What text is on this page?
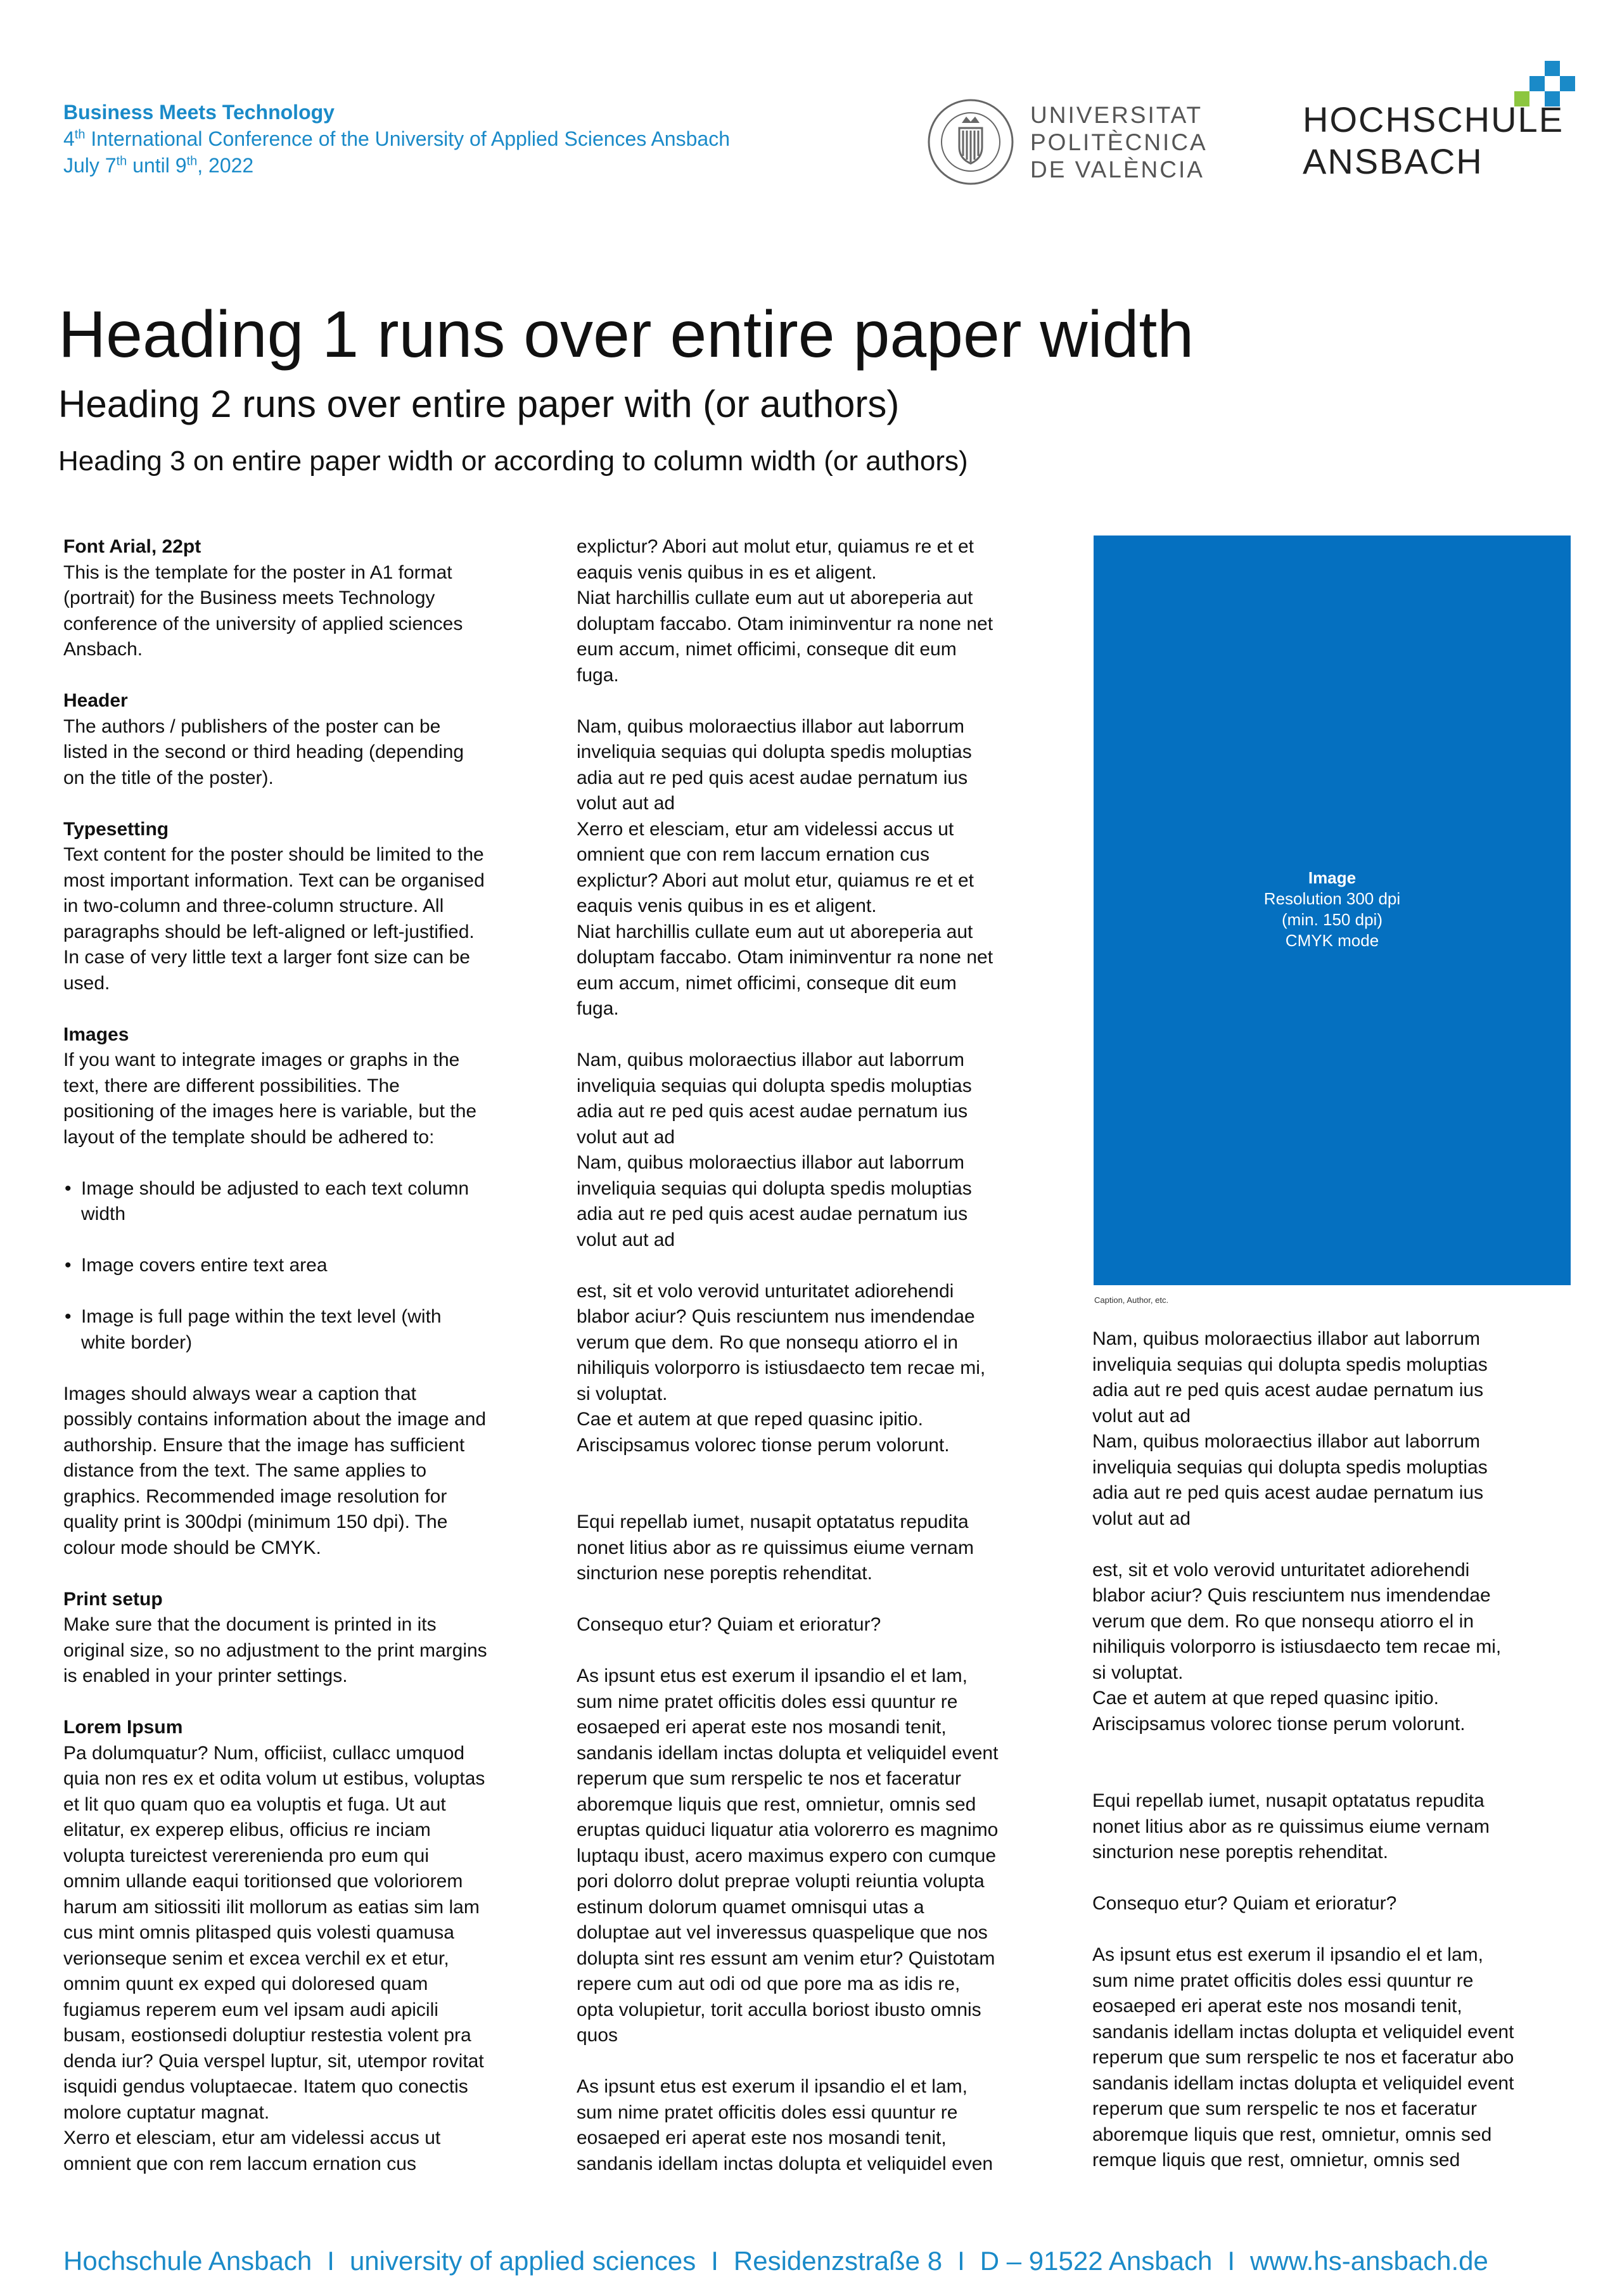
Business Meets Technology
4th International Conference of the University of Applied Sciences Ansbach
July 7th until 9th, 2022
UNIVERSITAT
POLITÈCNICA
DE VALÈNCIA
HOCHSCHULE
ANSBACH
Heading 1 runs over entire paper width
Heading 2 runs over entire paper with (or authors)
Heading 3 on entire paper width or according to column width (or authors)

Font Arial, 22pt

This is the template for the poster in A1 format
(portrait) for the Business meets Technology
conference of the university of applied sciences
Ansbach.

Header

The authors / publishers of the poster can be
listed in the second or third heading (depending
on the title of the poster).

Typesetting

Text content for the poster should be limited to the
most important information. Text can be organised
in two-column and three-column structure. All
paragraphs should be left-aligned or left-justified.
In case of very little text a larger font size can be
used.

Images

If you want to integrate images or graphs in the
text, there are different possibilities. The
positioning of the images here is variable, but the
layout of the template should be adhered to:

• Image should be adjusted to each text column
width
• Image covers entire text area
• Image is full page within the text level (with
white border)

Images should always wear a caption that
possibly contains information about the image and
authorship. Ensure that the image has sufficient
distance from the text. The same applies to
graphics. Recommended image resolution for
quality print is 300dpi (minimum 150 dpi). The
colour mode should be CMYK.

Print setup

Make sure that the document is printed in its
original size, so no adjustment to the print margins
is enabled in your printer settings.

Lorem Ipsum

Pa dolumquatur? Num, officiist, cullacc umquod
quia non res ex et odita volum ut estibus, voluptas
et lit quo quam quo ea voluptis et fuga. Ut aut
elitatur, ex experep elibus, officius re inciam
volupta tureictest vererenienda pro eum qui
omnim ullande eaqui toritionsed que voloriorem
harum am sitiossiti ilit mollorum as eatias sim lam
cus mint omnis plitasped quis volesti quamusa
verionseque senim et excea verchil ex et etur,
omnim quunt ex exped qui doloresed quam
fugiamus reperem eum vel ipsam audi apicili
busam, eostionsedi doluptiur restestia volent pra
denda iur? Quia verspel luptur, sit, utempor rovitat
isquidi gendus voluptaecae. Itatem quo conectis
molore cuptatur magnat.
Xerro et elesciam, etur am videlessi accus ut
omnient que con rem laccum ernation cus

explictur? Abori aut molut etur, quiamus re et et
eaquis venis quibus in es et aligent.
Niat harchillis cullate eum aut ut aboreperia aut
doluptam faccabo. Otam iniminventur ra none net
eum accum, nimet officimi, conseque dit eum
fuga.

Nam, quibus moloraectius illabor aut laborrum
inveliquia sequias qui dolupta spedis moluptias
adia aut re ped quis acest audae pernatum ius
volut aut ad
Xerro et elesciam, etur am videlessi accus ut
omnient que con rem laccum ernation cus
explictur? Abori aut molut etur, quiamus re et et
eaquis venis quibus in es et aligent.
Niat harchillis cullate eum aut ut aboreperia aut
doluptam faccabo. Otam iniminventur ra none net
eum accum, nimet officimi, conseque dit eum
fuga.

Nam, quibus moloraectius illabor aut laborrum
inveliquia sequias qui dolupta spedis moluptias
adia aut re ped quis acest audae pernatum ius
volut aut ad
Nam, quibus moloraectius illabor aut laborrum
inveliquia sequias qui dolupta spedis moluptias
adia aut re ped quis acest audae pernatum ius
volut aut ad

est, sit et volo verovid unturitatet adiorehendi
blabor aciur? Quis resciuntem nus imendendae
verum que dem. Ro que nonsequ atiorro el in
nihiliquis volorporro is istiusdaecto tem recae mi,
si voluptat.
Cae et autem at que reped quasinc ipitio.
Ariscipsamus volorec tionse perum volorunt.

Equi repellab iumet, nusapit optatatus repudita
nonet litius abor as re quissimus eiume vernam
sincturion nese poreptis rehenditat.

Consequo etur? Quiam et erioratur?

As ipsunt etus est exerum il ipsandio el et lam,
sum nime pratet officitis doles essi quuntur re
eosaeped eri aperat este nos mosandi tenit,
sandanis idellam inctas dolupta et veliquidel event
reperum que sum rerspelic te nos et faceratur
aboremque liquis que rest, omnietur, omnis sed
eruptas quiduci liquatur atia volorerro es magnimo
luptaqu ibust, acero maximus expero con cumque
pori dolorro dolut preprae volupti reiuntia volupta
estinum dolorum quamet omnisqui utas a
doluptae aut vel inveressus quaspelique que nos
dolupta sint res essunt am venim etur? Quistotam
repere cum aut odi od que pore ma as idis re,
opta volupietur, torit acculla boriost ibusto omnis
quos

As ipsunt etus est exerum il ipsandio el et lam,
sum nime pratet officitis doles essi quuntur re
eosaeped eri aperat este nos mosandi tenit,
sandanis idellam inctas dolupta et veliquidel even

Image
Resolution 300 dpi
(min. 150 dpi)
CMYK mode
Caption, Author, etc.

Nam, quibus moloraectius illabor aut laborrum
inveliquia sequias qui dolupta spedis moluptias
adia aut re ped quis acest audae pernatum ius
volut aut ad
Nam, quibus moloraectius illabor aut laborrum
inveliquia sequias qui dolupta spedis moluptias
adia aut re ped quis acest audae pernatum ius
volut aut ad

est, sit et volo verovid unturitatet adiorehendi
blabor aciur? Quis resciuntem nus imendendae
verum que dem. Ro que nonsequ atiorro el in
nihiliquis volorporro is istiusdaecto tem recae mi,
si voluptat.
Cae et autem at que reped quasinc ipitio.
Ariscipsamus volorec tionse perum volorunt.

Equi repellab iumet, nusapit optatatus repudita
nonet litius abor as re quissimus eiume vernam
sincturion nese poreptis rehenditat.

Consequo etur? Quiam et erioratur?

As ipsunt etus est exerum il ipsandio el et lam,
sum nime pratet officitis doles essi quuntur re
eosaeped eri aperat este nos mosandi tenit,
sandanis idellam inctas dolupta et veliquidel event
reperum que sum rerspelic te nos et faceratur abo
sandanis idellam inctas dolupta et veliquidel event
reperum que sum rerspelic te nos et faceratur
aboremque liquis que rest, omnietur, omnis sed
remque liquis que rest, omnietur, omnis sed

Hochschule Ansbach I university of applied sciences I Residenzstraße 8 I D – 91522 Ansbach I www.hs-ansbach.de
